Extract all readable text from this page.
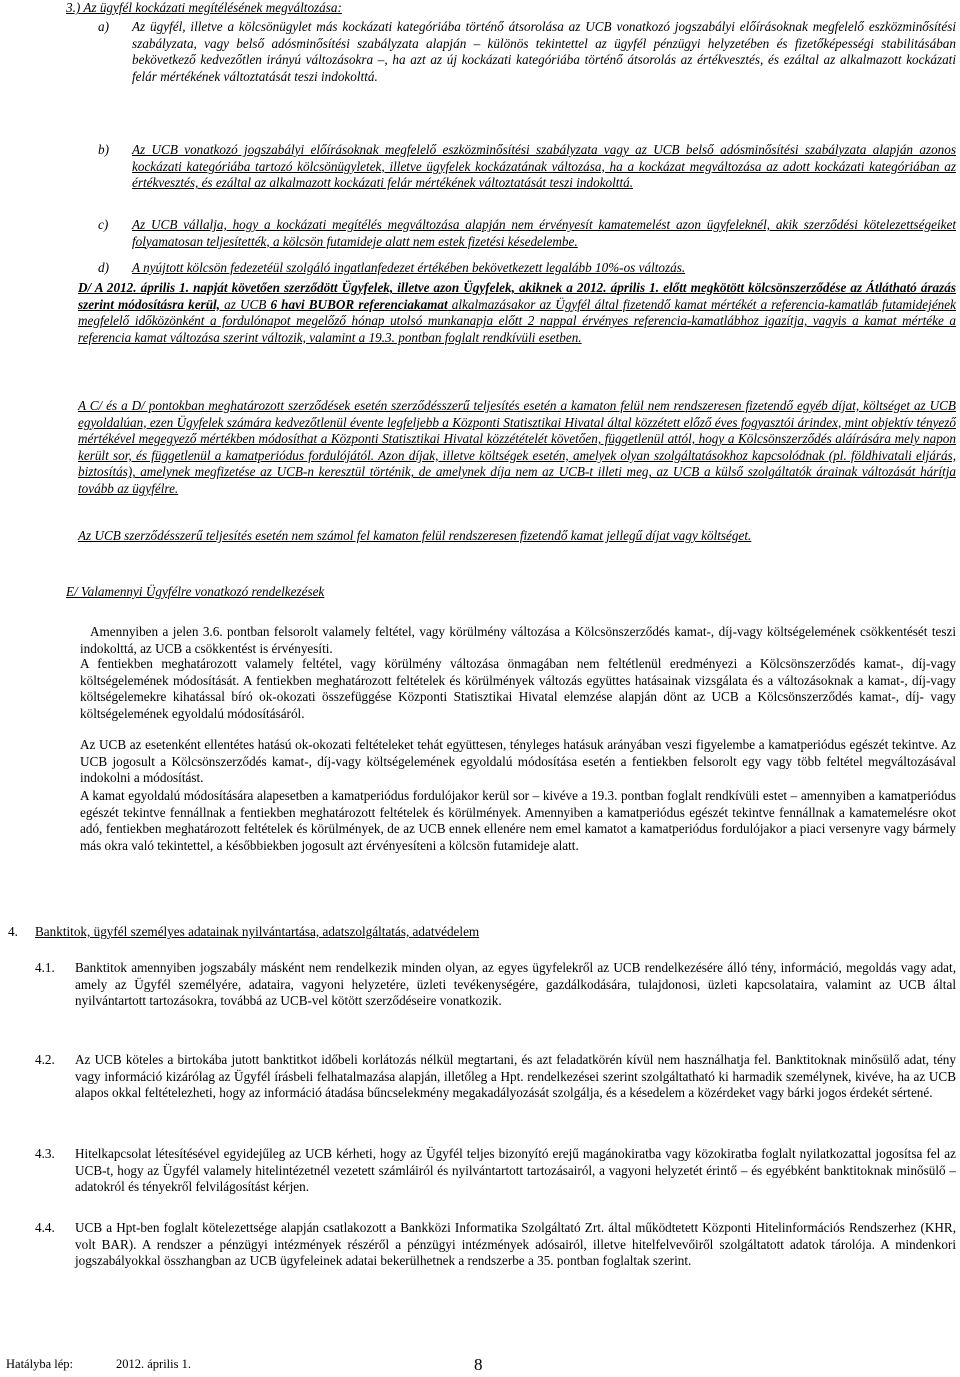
3.) Az ügyfél kockázati megítélésének megváltozása:
a) Az ügyfél, illetve a kölcsönügylet más kockázati kategóriába történő átsorolása az UCB vonatkozó jogszabályi előírásoknak megfelelő eszközminősítési szabályzata, vagy belső adósminősítési szabályzata alapján – különös tekintettel az ügyfél pénzügyi helyzetében és fizetőképességi stabilitásában bekövetkező kedvezőtlen irányú változásokra –, ha azt az új kockázati kategóriába történő átsorolás az értékvesztés, és ezáltal az alkalmazott kockázati felár mértékének változtatását teszi indokolttá.
b) Az UCB vonatkozó jogszabályi előírásoknak megfelelő eszközminősítési szabályzata vagy az UCB belső adósminősítési szabályzata alapján azonos kockázati kategóriába tartozó kölcsönügyletek, illetve ügyfelek kockázatának változása, ha a kockázat megváltozása az adott kockázati kategóriában az értékvesztés, és ezáltal az alkalmazott kockázati felár mértékének változtatását teszi indokolttá.
c) Az UCB vállalja, hogy a kockázati megítélés megváltozása alapján nem érvényesít kamatemelést azon ügyfeleknél, akik szerződési kötelezettségeiket folyamatosan teljesítették, a kölcsön futamideje alatt nem estek fizetési késedelembe.
d) A nyújtott kölcsön fedezetéül szolgáló ingatlanfedezet értékében bekövetkezett legalább 10%-os változás.
D/ A 2012. április 1. napját követően szerződött Ügyfelek, illetve azon Ügyfelek, akiknek a 2012. április 1. előtt megkötött kölcsönszerződése az Átlátható árazás szerint módosításra kerül, az UCB 6 havi BUBOR referenciakamat alkalmazásakor az Ügyfél által fizetendő kamat mértékét a referencia-kamatláb futamidejének megfelelő időközönként a fordulónapot megelőző hónap utolsó munkanapja előtt 2 nappal érvényes referencia-kamatlábhoz igazítja, vagyis a kamat mértéke a referencia kamat változása szerint változik, valamint a 19.3. pontban foglalt rendkívüli esetben.
A C/ és a D/ pontokban meghatározott szerződések esetén szerződésszerű teljesítés esetén a kamaton felül nem rendszeresen fizetendő egyéb díjat, költséget az UCB egyoldalúan, ezen Ügyfelek számára kedvezőtlenül évente legfeljebb a Központi Statisztikai Hivatal által közzétett előző éves fogyasztói árindex, mint objektív tényező mértékével megegyező mértékben módosíthat a Központi Statisztikai Hivatal közzétételét követően, függetlenül attól, hogy a Kölcsönszerződés aláírására mely napon került sor, és függetlenül a kamatperiódus fordulójától. Azon díjak, illetve költségek esetén, amelyek olyan szolgáltatásokhoz kapcsolódnak (pl. földhivatali eljárás, biztosítás), amelynek megfizetése az UCB-n keresztül történik, de amelynek díja nem az UCB-t illeti meg, az UCB a külső szolgáltatók árainak változását hárítja tovább az ügyfélre.
Az UCB szerződésszerű teljesítés esetén nem számol fel kamaton felül rendszeresen fizetendő kamat jellegű díjat vagy költséget.
E/ Valamennyi Ügyfélre vonatkozó rendelkezések
Amennyiben a jelen 3.6. pontban felsorolt valamely feltétel, vagy körülmény változása a Kölcsönszerződés kamat-, díj-vagy költségelemének csökkentését teszi indokolttá, az UCB a csökkentést is érvényesíti.
A fentiekben meghatározott valamely feltétel, vagy körülmény változása önmagában nem feltétlenül eredményezi a Kölcsönszerződés kamat-, díj-vagy költségelemének módosítását. A fentiekben meghatározott feltételek és körülmények változás együttes hatásainak vizsgálata és a változásoknak a kamat-, díj-vagy költségelemekre kihatással bíró ok-okozati összefüggése Központi Statisztikai Hivatal elemzése alapján dönt az UCB a Kölcsönszerződés kamat-, díj- vagy költségelemének egyoldalú módosításáról.
Az UCB az esetenként ellentétes hatású ok-okozati feltételeket tehát együttesen, tényleges hatásuk arányában veszi figyelembe a kamatperiódus egészét tekintve. Az UCB jogosult a Kölcsönszerződés kamat-, díj-vagy költségelemének egyoldalú módosítása esetén a fentiekben felsorolt egy vagy több feltétel megváltozásával indokolni a módosítást.
A kamat egyoldalú módosítására alapesetben a kamatperiódus fordulójakor kerül sor – kivéve a 19.3. pontban foglalt rendkívüli estet – amennyiben a kamatperiódus egészét tekintve fennállnak a fentiekben meghatározott feltételek és körülmények. Amennyiben a kamatperiódus egészét tekintve fennállnak a kamatemelésre okot adó, fentiekben meghatározott feltételek és körülmények, de az UCB ennek ellenére nem emel kamatot a kamatperiódus fordulójakor a piaci versenyre vagy bármely más okra való tekintettel, a későbbiekben jogosult azt érvényesíteni a kölcsön futamideje alatt.
4. Banktitok, ügyfél személyes adatainak nyilvántartása, adatszolgáltatás, adatvédelem
4.1. Banktitok amennyiben jogszabály másként nem rendelkezik minden olyan, az egyes ügyfelekről az UCB rendelkezésére álló tény, információ, megoldás vagy adat, amely az Ügyfél személyére, adataira, vagyoni helyzetére, üzleti tevékenységére, gazdálkodására, tulajdonosi, üzleti kapcsolataira, valamint az UCB által nyilvántartott tartozásokra, továbbá az UCB-vel kötött szerződéseire vonatkozik.
4.2. Az UCB köteles a birtokába jutott banktitkot időbeli korlátozás nélkül megtartani, és azt feladatkörén kívül nem használhatja fel. Banktitoknak minősülő adat, tény vagy információ kizárólag az Ügyfél írásbeli felhatalmazása alapján, illetőleg a Hpt. rendelkezései szerint szolgáltatható ki harmadik személynek, kivéve, ha az UCB alapos okkal feltételezheti, hogy az információ átadása bűncselekmény megakadályozását szolgálja, és a késedelem a közérdeket vagy bárki jogos érdekét sértené.
4.3. Hitelkapcsolat létesítésével egyidejűleg az UCB kérheti, hogy az Ügyfél teljes bizonyító erejű magánokiratba vagy közokiratba foglalt nyilatkozattal jogosítsa fel az UCB-t, hogy az Ügyfél valamely hitelintézetnél vezetett számláiról és nyilvántartott tartozásairól, a vagyoni helyzetét érintő – és egyébként banktitoknak minősülő – adatokról és tényekről felvilágosítást kérjen.
4.4. UCB a Hpt-ben foglalt kötelezettsége alapján csatlakozott a Bankközi Informatika Szolgáltató Zrt. által működtetett Központi Hitelinformációs Rendszerhez (KHR, volt BAR). A rendszer a pénzügyi intézmények részéről a pénzügyi intézmények adósairól, illetve hitelfelvevőiről szolgáltatott adatok tárolója. A mindenkori jogszabályokkal összhangban az UCB ügyfeleinek adatai bekerülhetnek a rendszerbe a 35. pontban foglaltak szerint.
Hatályba lép:	2012. április 1.	8
